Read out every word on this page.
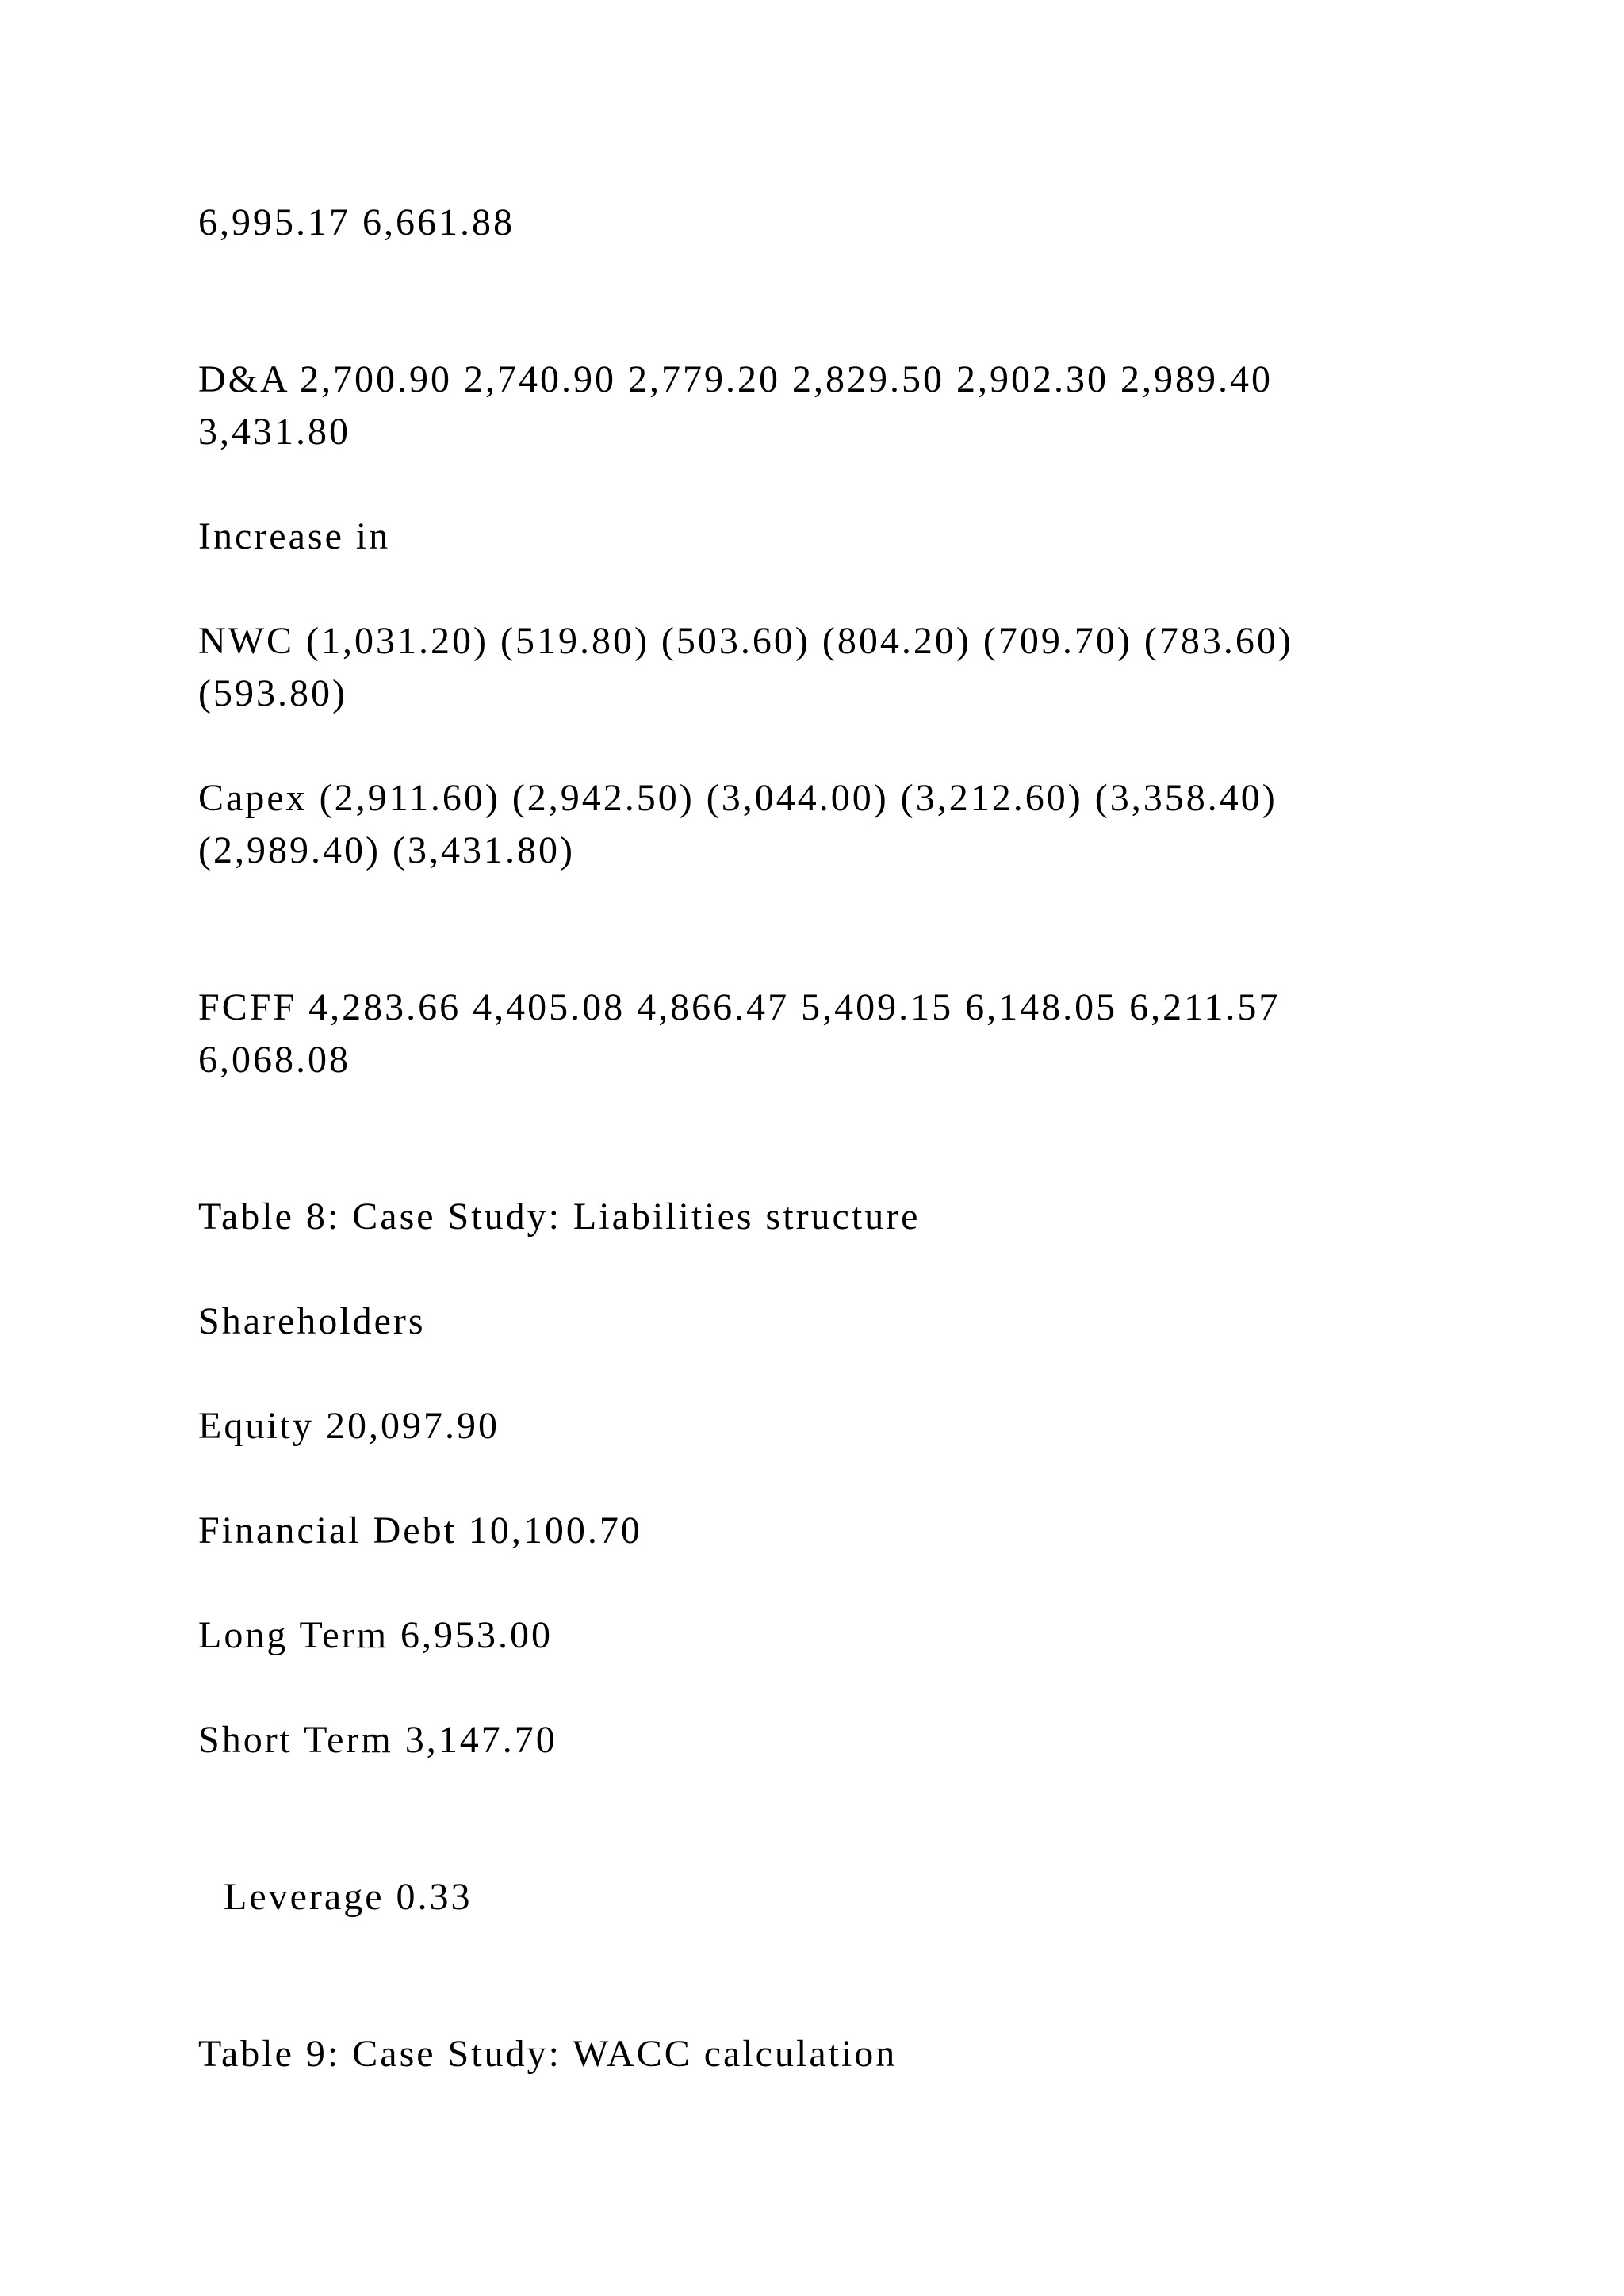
6,995.17 6,661.88

D&A 2,700.90 2,740.90 2,779.20 2,829.50 2,902.30 2,989.40

3,431.80

Increase in

NWC (1,031.20) (519.80) (503.60) (804.20) (709.70) (783.60)

(593.80)

Capex (2,911.60) (2,942.50) (3,044.00) (3,212.60) (3,358.40)

(2,989.40) (3,431.80)

FCFF 4,283.66 4,405.08 4,866.47 5,409.15 6,148.05 6,211.57

6,068.08

Table 8: Case Study: Liabilities structure

Shareholders

Equity 20,097.90

Financial Debt 10,100.70

Long Term 6,953.00

Short Term 3,147.70

Leverage 0.33

Table 9: Case Study: WACC calculation
